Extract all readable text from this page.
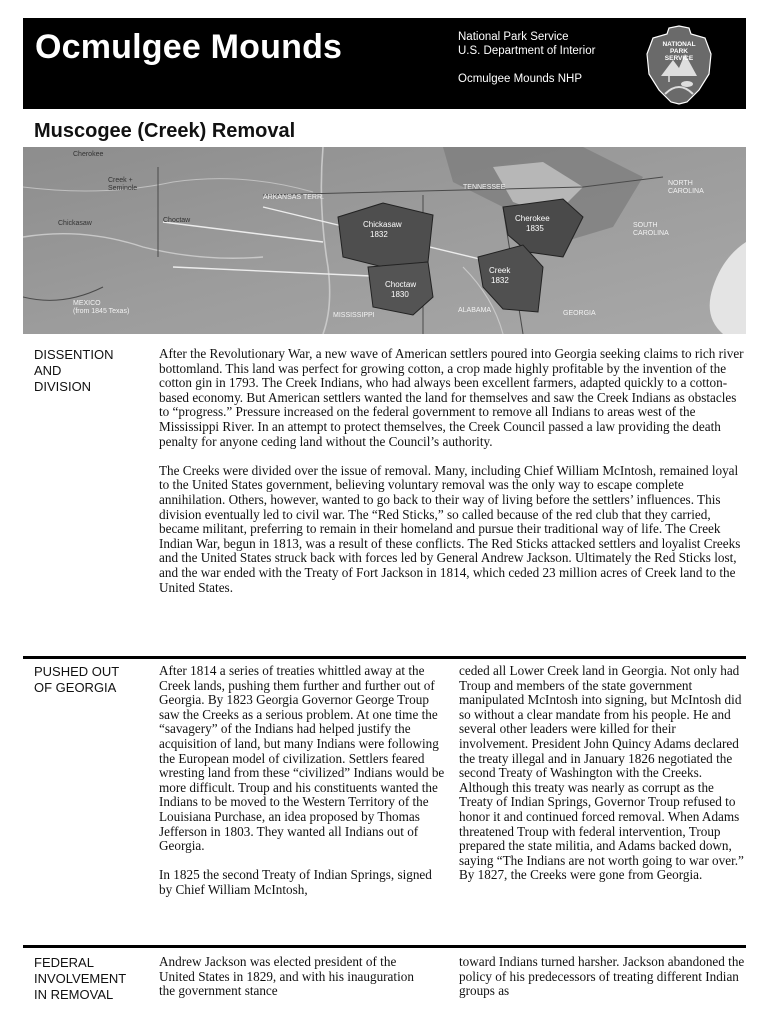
Ocmulgee Mounds	National Park Service
U.S. Department of Interior
Ocmulgee Mounds NHP
NATIONAL
PARK
SERVICE
Muscogee (Creek) Removal
Cherokee
Creek + Seminole
ARKANSAS TERR.
TENNESSEE
NORTH CAROLINA
Chickasaw	Choctaw
SOUTH CAROLINA
MEXICO (from 1845 Texas)
MISSISSIPPI
ALABAMA	GEORGIA
Chickasaw
1832
Cherokee
1835
Creek
1832
Choctaw
1830
DISSENTION
AND
DIVISION

After the Revolutionary War, a new wave of American settlers poured into Georgia seeking claims to rich river bottomland. This land was perfect for growing cotton, a crop made highly profitable by the invention of the cotton gin in 1793. The Creek Indians, who had always been excellent farmers, adapted quickly to a cotton-based economy. But American settlers wanted the land for themselves and saw the Creek Indians as obstacles to “progress.” Pressure increased on the federal government to remove all Indians to areas west of the Mississippi River. In an attempt to protect themselves, the Creek Council passed a law providing the death penalty for anyone ceding land without the Council’s authority.

The Creeks were divided over the issue of removal. Many, including Chief William McIntosh, remained loyal to the United States government, believing voluntary removal was the only way to escape complete annihilation. Others, however, wanted to go back to their way of living before the settlers’ influences. This division eventually led to civil war. The “Red Sticks,” so called because of the red club that they carried, became militant, preferring to remain in their homeland and pursue their traditional way of life. The Creek Indian War, begun in 1813, was a result of these conflicts. The Red Sticks attacked settlers and loyalist Creeks and the United States struck back with forces led by General Andrew Jackson. Ultimately the Red Sticks lost, and the war ended with the Treaty of Fort Jackson in 1814, which ceded 23 million acres of Creek land to the United States.

PUSHED OUT
OF GEORGIA

After 1814 a series of treaties whittled away at the Creek lands, pushing them further and further out of Georgia. By 1823 Georgia Governor George Troup saw the Creeks as a serious problem. At one time the “savagery” of the Indians had helped justify the acquisition of land, but many Indians were following the European model of civilization. Settlers feared wresting land from these “civilized” Indians would be more difficult. Troup and his constituents wanted the Indians to be moved to the Western Territory of the Louisiana Purchase, an idea proposed by Thomas Jefferson in 1803. They wanted all Indians out of Georgia.

In 1825 the second Treaty of Indian Springs, signed by Chief William McIntosh,

ceded all Lower Creek land in Georgia. Not only had Troup and members of the state government manipulated McIntosh into signing, but McIntosh did so without a clear mandate from his people. He and several other leaders were killed for their involvement. President John Quincy Adams declared the treaty illegal and in January 1826 negotiated the second Treaty of Washington with the Creeks. Although this treaty was nearly as corrupt as the Treaty of Indian Springs, Governor Troup refused to honor it and continued forced removal. When Adams threatened Troup with federal intervention, Troup prepared the state militia, and Adams backed down, saying “The Indians are not worth going to war over.” By 1827, the Creeks were gone from Georgia.

FEDERAL
INVOLVEMENT
IN REMOVAL

Andrew Jackson was elected president of the United States in 1829, and with his inauguration the government stance

toward Indians turned harsher. Jackson abandoned the policy of his predecessors of treating different Indian groups as
